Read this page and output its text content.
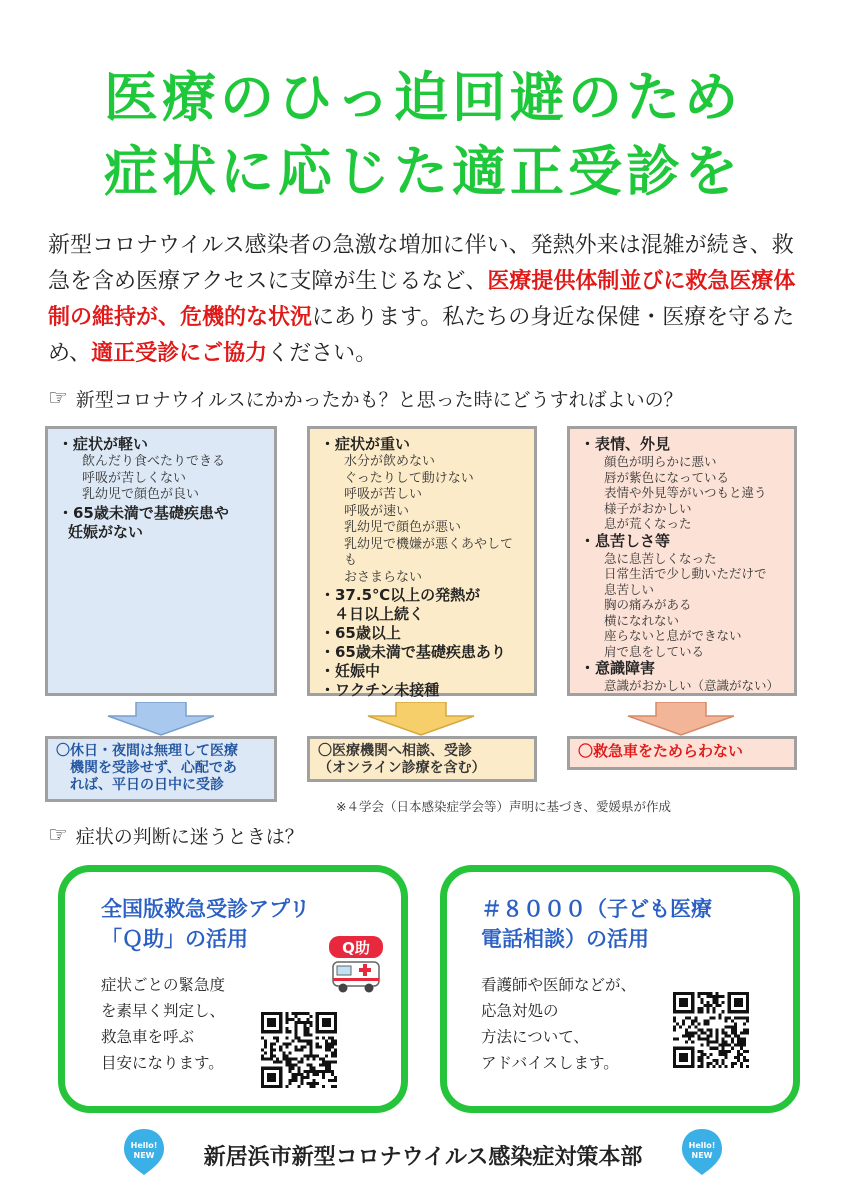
医療のひっ迫回避のため
症状に応じた適正受診を
新型コロナウイルス感染者の急激な増加に伴い、発熱外来は混雑が続き、救急を含め医療アクセスに支障が生じるなど、医療提供体制並びに救急医療体制の維持が、危機的な状況にあります。私たちの身近な保健・医療を守るため、適正受診にご協力ください。
☞ 新型コロナウイルスにかかったかも？と思った時にどうすればよいの？
・症状が軽い
飲んだり食べたりできる
呼吸が苦しくない
乳幼児で顔色が良い
・65歳未満で基礎疾患や
妊娠がない
・症状が重い
水分が飲めない
ぐったりして動けない
呼吸が苦しい
呼吸が速い
乳幼児で顔色が悪い
乳幼児で機嫌が悪くあやしても
おさまらない
・37.5℃以上の発熱が
４日以上続く
・65歳以上
・65歳未満で基礎疾患あり
・妊娠中
・ワクチン未接種
・表情、外見
顔色が明らかに悪い
唇が紫色になっている
表情や外見等がいつもと違う
様子がおかしい
息が荒くなった
・息苦しさ等
急に息苦しくなった
日常生活で少し動いただけで
息苦しい
胸の痛みがある
横になれない
座らないと息ができない
肩で息をしている
・意識障害
意識がおかしい（意識がない）
〇休日・夜間は無理して医療
機関を受診せず、心配であ
れば、平日の日中に受診
〇医療機関へ相談、受診
（オンライン診療を含む）
〇救急車をためらわない
※４学会（日本感染症学会等）声明に基づき、愛媛県が作成
☞ 症状の判断に迷うときは？
全国版救急受診アプリ
「Ｑ助」の活用	Q助
症状ごとの緊急度
を素早く判定し、
救急車を呼ぶ
目安になります。
＃８０００（子ども医療
電話相談）の活用
看護師や医師などが、
応急対処の
方法について、
アドバイスします。
Hello!
NEW	新居浜市新型コロナウイルス感染症対策本部	Hello!
NEW
